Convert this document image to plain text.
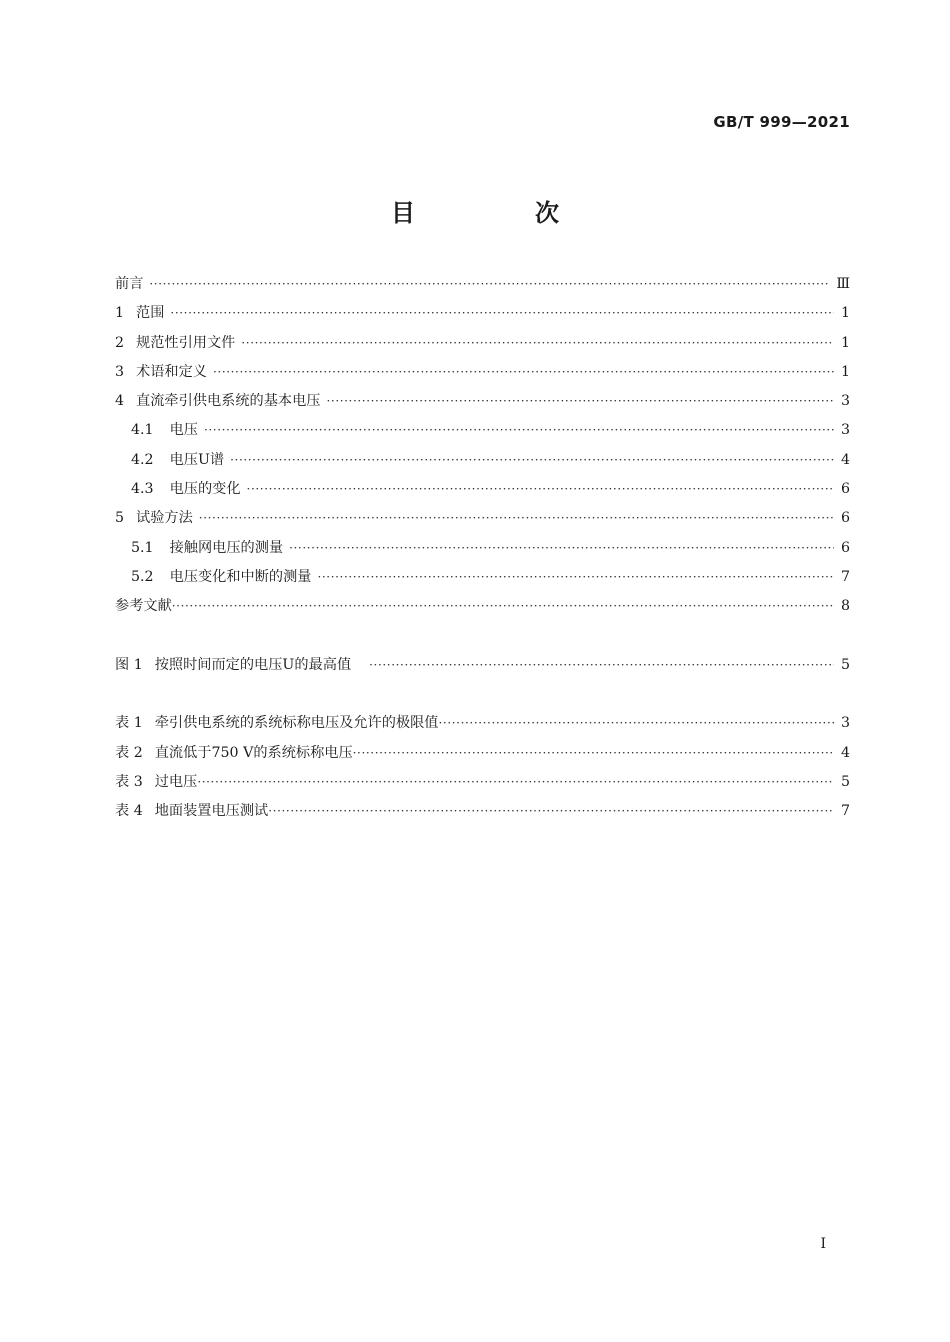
GB/T 999—2021
目　次
前言 ·····	Ⅲ
1 范围 ·····	1
2 规范性引用文件 ·····	1
3 术语和定义 ·····	1
4 直流牵引供电系统的基本电压 ·····	3
4.1 电压 ·····	3
4.2 电压U谱 ·····	4
4.3 电压的变化 ·····	6
5 试验方法 ·····	6
5.1 接触网电压的测量 ·····	6
5.2 电压变化和中断的测量 ·····	7
参考文献 ·····	8
图 1 按照时间而定的电压U的最高值 ·····	5
表 1 牵引供电系统的系统标称电压及允许的极限值 ·····	3
表 2 直流低于750 V的系统标称电压 ·····	4
表 3 过电压 ·····	5
表 4 地面装置电压测试 ·····	7
I
